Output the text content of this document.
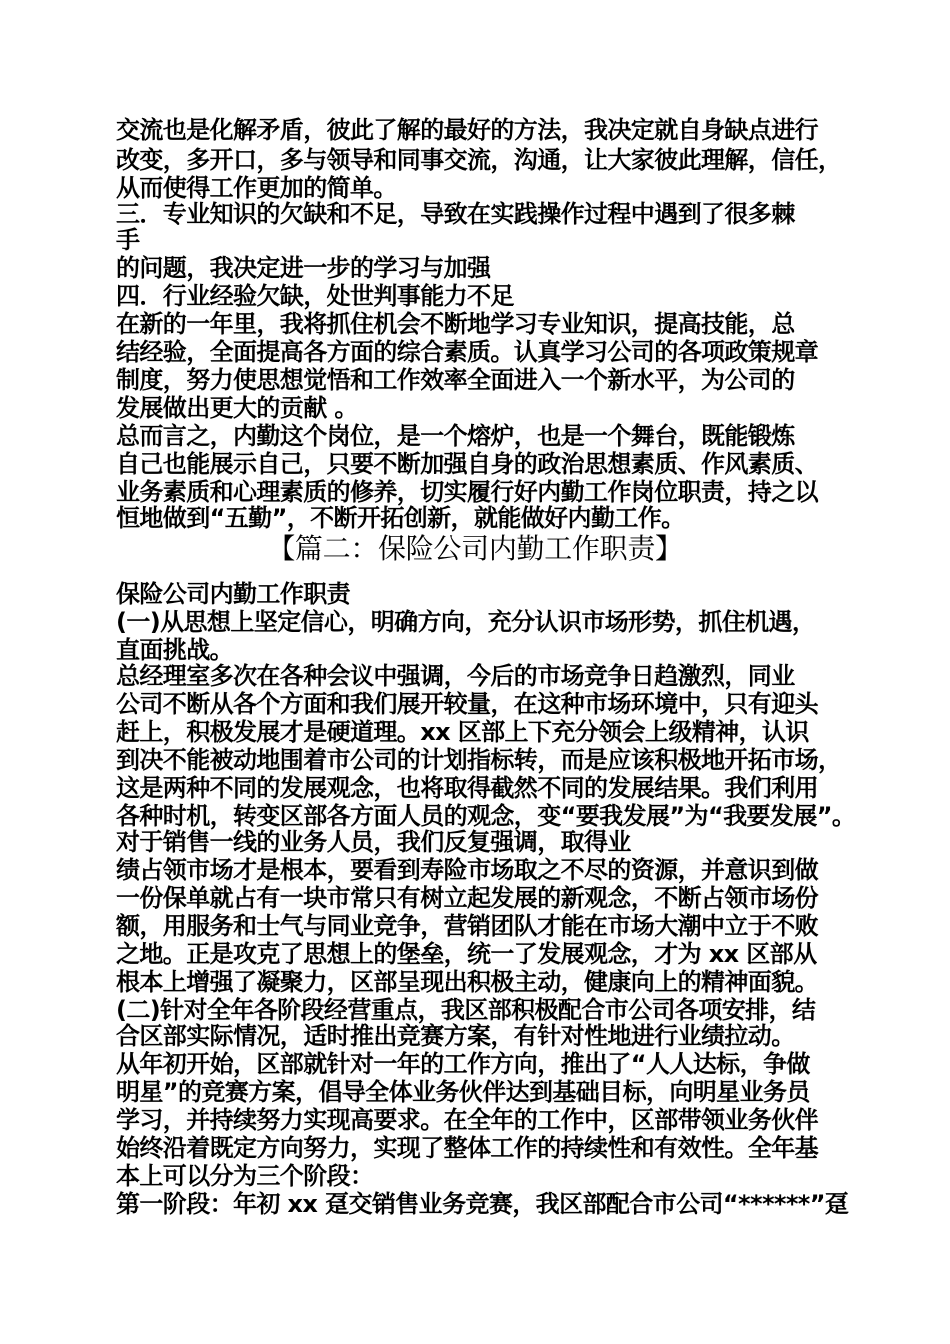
交流也是化解矛盾，彼此了解的最好的方法，我决定就自身缺点进行
改变，多开口，多与领导和同事交流，沟通，让大家彼此理解，信任，
从而使得工作更加的简单。
三．专业知识的欠缺和不足，导致在实践操作过程中遇到了很多棘
手
的问题，我决定进一步的学习与加强
四．行业经验欠缺，处世判事能力不足
在新的一年里，我将抓住机会不断地学习专业知识，提高技能，总
结经验，全面提高各方面的综合素质。认真学习公司的各项政策规章
制度，努力使思想觉悟和工作效率全面进入一个新水平，为公司的
发展做出更大的贡献 。
总而言之，内勤这个岗位，是一个熔炉，也是一个舞台，既能锻炼
自己也能展示自己，只要不断加强自身的政治思想素质、作风素质、
业务素质和心理素质的修养，切实履行好内勤工作岗位职责，持之以
恒地做到“五勤”，不断开拓创新，就能做好内勤工作。
【篇二：保险公司内勤工作职责】
保险公司内勤工作职责
(一)从思想上坚定信心，明确方向，充分认识市场形势，抓住机遇，
直面挑战。
总经理室多次在各种会议中强调，今后的市场竞争日趋激烈，同业
公司不断从各个方面和我们展开较量，在这种市场环境中，只有迎头
赶上，积极发展才是硬道理。xx 区部上下充分领会上级精神，认识
到决不能被动地围着市公司的计划指标转，而是应该积极地开拓市场，
这是两种不同的发展观念，也将取得截然不同的发展结果。我们利用
各种时机，转变区部各方面人员的观念，变“要我发展”为“我要发展”。
对于销售一线的业务人员，我们反复强调，取得业
绩占领市场才是根本，要看到寿险市场取之不尽的资源，并意识到做
一份保单就占有一块市常只有树立起发展的新观念，不断占领市场份
额，用服务和士气与同业竞争，营销团队才能在市场大潮中立于不败
之地。正是攻克了思想上的堡垒，统一了发展观念，才为 xx 区部从
根本上增强了凝聚力，区部呈现出积极主动，健康向上的精神面貌。
(二)针对全年各阶段经营重点，我区部积极配合市公司各项安排，结
合区部实际情况，适时推出竞赛方案，有针对性地进行业绩拉动。
从年初开始，区部就针对一年的工作方向，推出了“人人达标，争做
明星”的竞赛方案，倡导全体业务伙伴达到基础目标，向明星业务员
学习，并持续努力实现高要求。在全年的工作中，区部带领业务伙伴
始终沿着既定方向努力，实现了整体工作的持续性和有效性。全年基
本上可以分为三个阶段：
第一阶段：年初 xx 趸交销售业务竞赛，我区部配合市公司“******”趸
